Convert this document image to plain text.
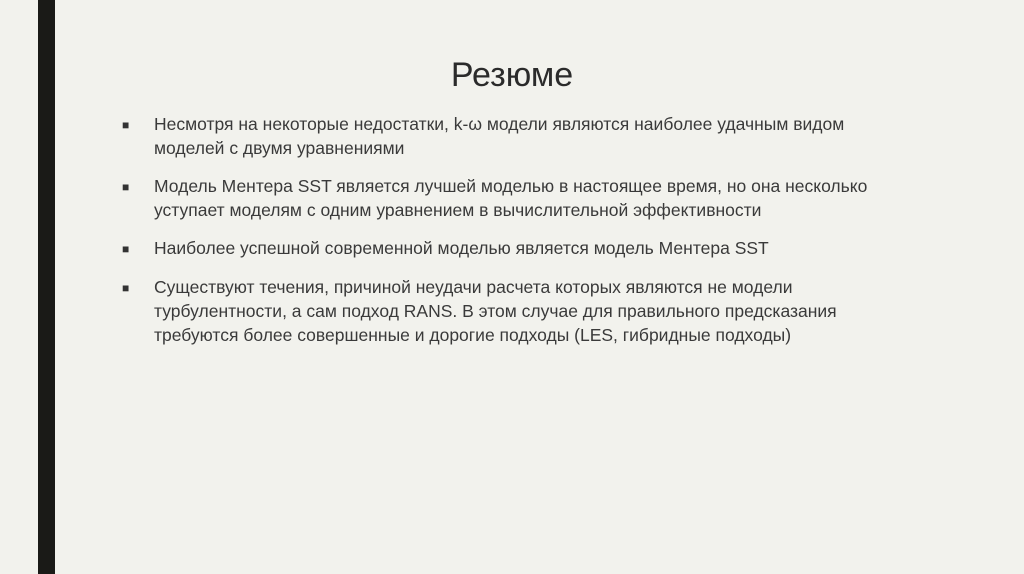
Резюме
■	Несмотря на некоторые недостатки, k-ω модели являются наиболее удачным видом моделей с двумя уравнениями
■	Модель Ментера SST является лучшей моделью в настоящее время, но она несколько уступает моделям с одним уравнением в вычислительной эффективности
■	Наиболее успешной современной моделью является модель Ментера SST
■	Существуют течения, причиной неудачи расчета которых являются не модели турбулентности, а сам подход RANS. В этом случае для правильного предсказания требуются более совершенные и дорогие подходы (LES, гибридные подходы)
